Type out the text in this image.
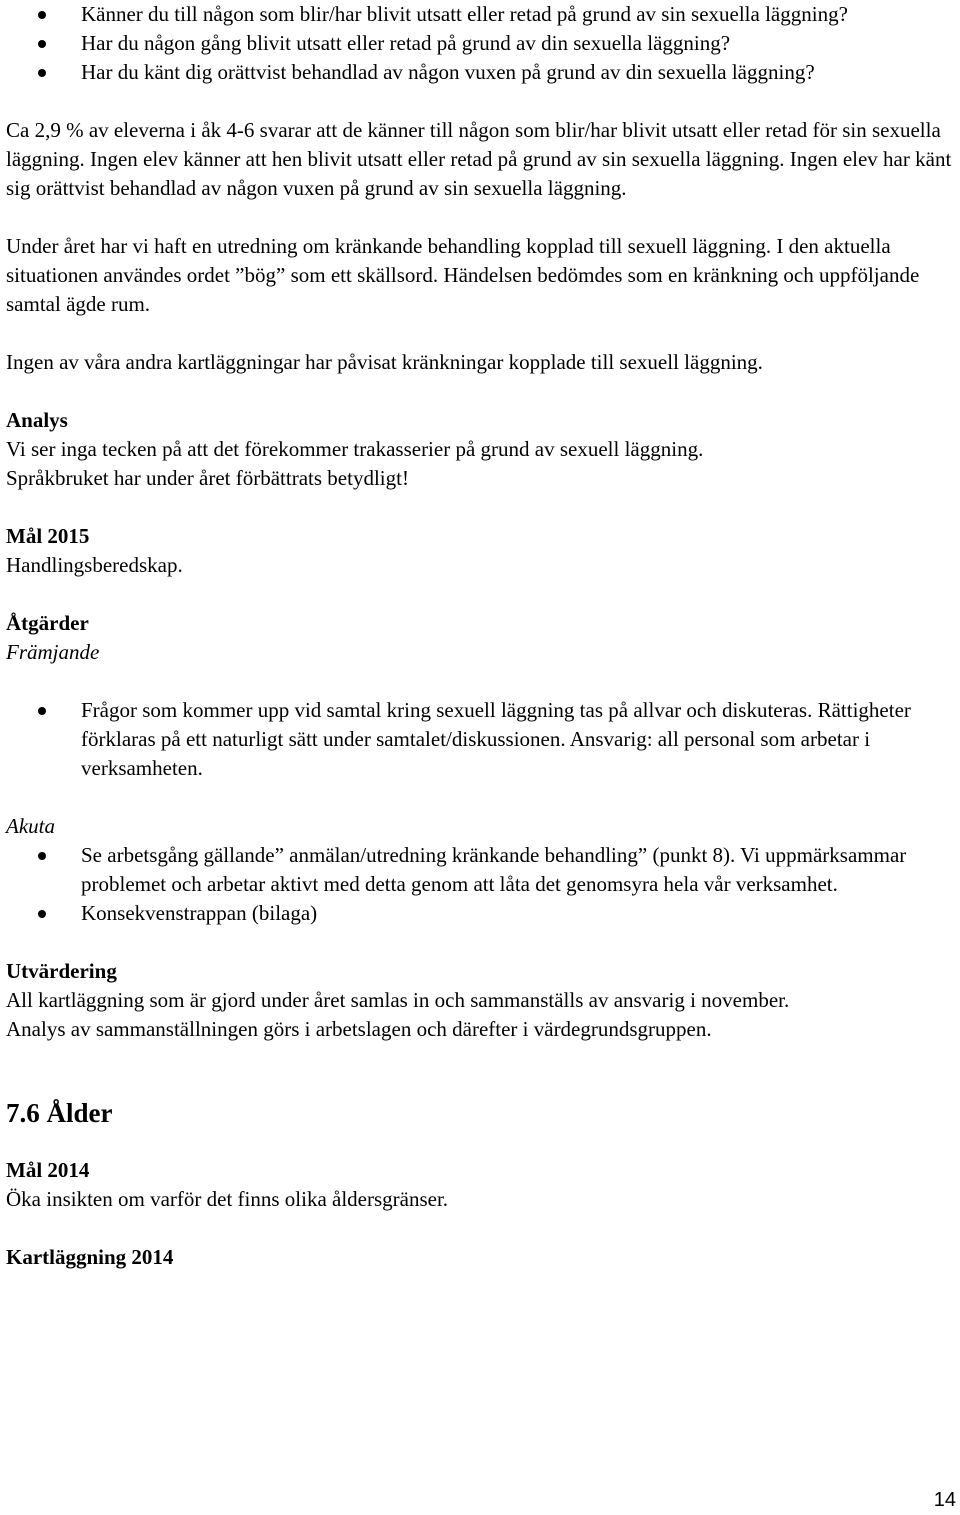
Känner du till någon som blir/har blivit utsatt eller retad på grund av sin sexuella läggning?
Har du någon gång blivit utsatt eller retad på grund av din sexuella läggning?
Har du känt dig orättvist behandlad av någon vuxen på grund av din sexuella läggning?

Ca 2,9 % av eleverna i åk 4-6 svarar att de känner till någon som blir/har blivit utsatt eller retad för sin sexuella läggning. Ingen elev känner att hen blivit utsatt eller retad på grund av sin sexuella läggning. Ingen elev har känt sig orättvist behandlad av någon vuxen på grund av sin sexuella läggning.

Under året har vi haft en utredning om kränkande behandling kopplad till sexuell läggning. I den aktuella situationen användes ordet ”bög” som ett skällsord. Händelsen bedömdes som en kränkning och uppföljande samtal ägde rum.

Ingen av våra andra kartläggningar har påvisat kränkningar kopplade till sexuell läggning.

Analys

Vi ser inga tecken på att det förekommer trakasserier på grund av sexuell läggning.

Språkbruket har under året förbättrats betydligt!

Mål 2015

Handlingsberedskap.

Åtgärder

Främjande

Frågor som kommer upp vid samtal kring sexuell läggning tas på allvar och diskuteras. Rättigheter förklaras på ett naturligt sätt under samtalet/diskussionen. Ansvarig: all personal som arbetar i verksamheten.

Akuta

Se arbetsgång gällande” anmälan/utredning kränkande behandling” (punkt 8). Vi uppmärksammar problemet och arbetar aktivt med detta genom att låta det genomsyra hela vår verksamhet.
Konsekvenstrappan (bilaga)

Utvärdering

All kartläggning som är gjord under året samlas in och sammanställs av ansvarig i november.

Analys av sammanställningen görs i arbetslagen och därefter i värdegrundsgruppen.

7.6 Ålder

Mål 2014

Öka insikten om varför det finns olika åldersgränser.

Kartläggning 2014

14
